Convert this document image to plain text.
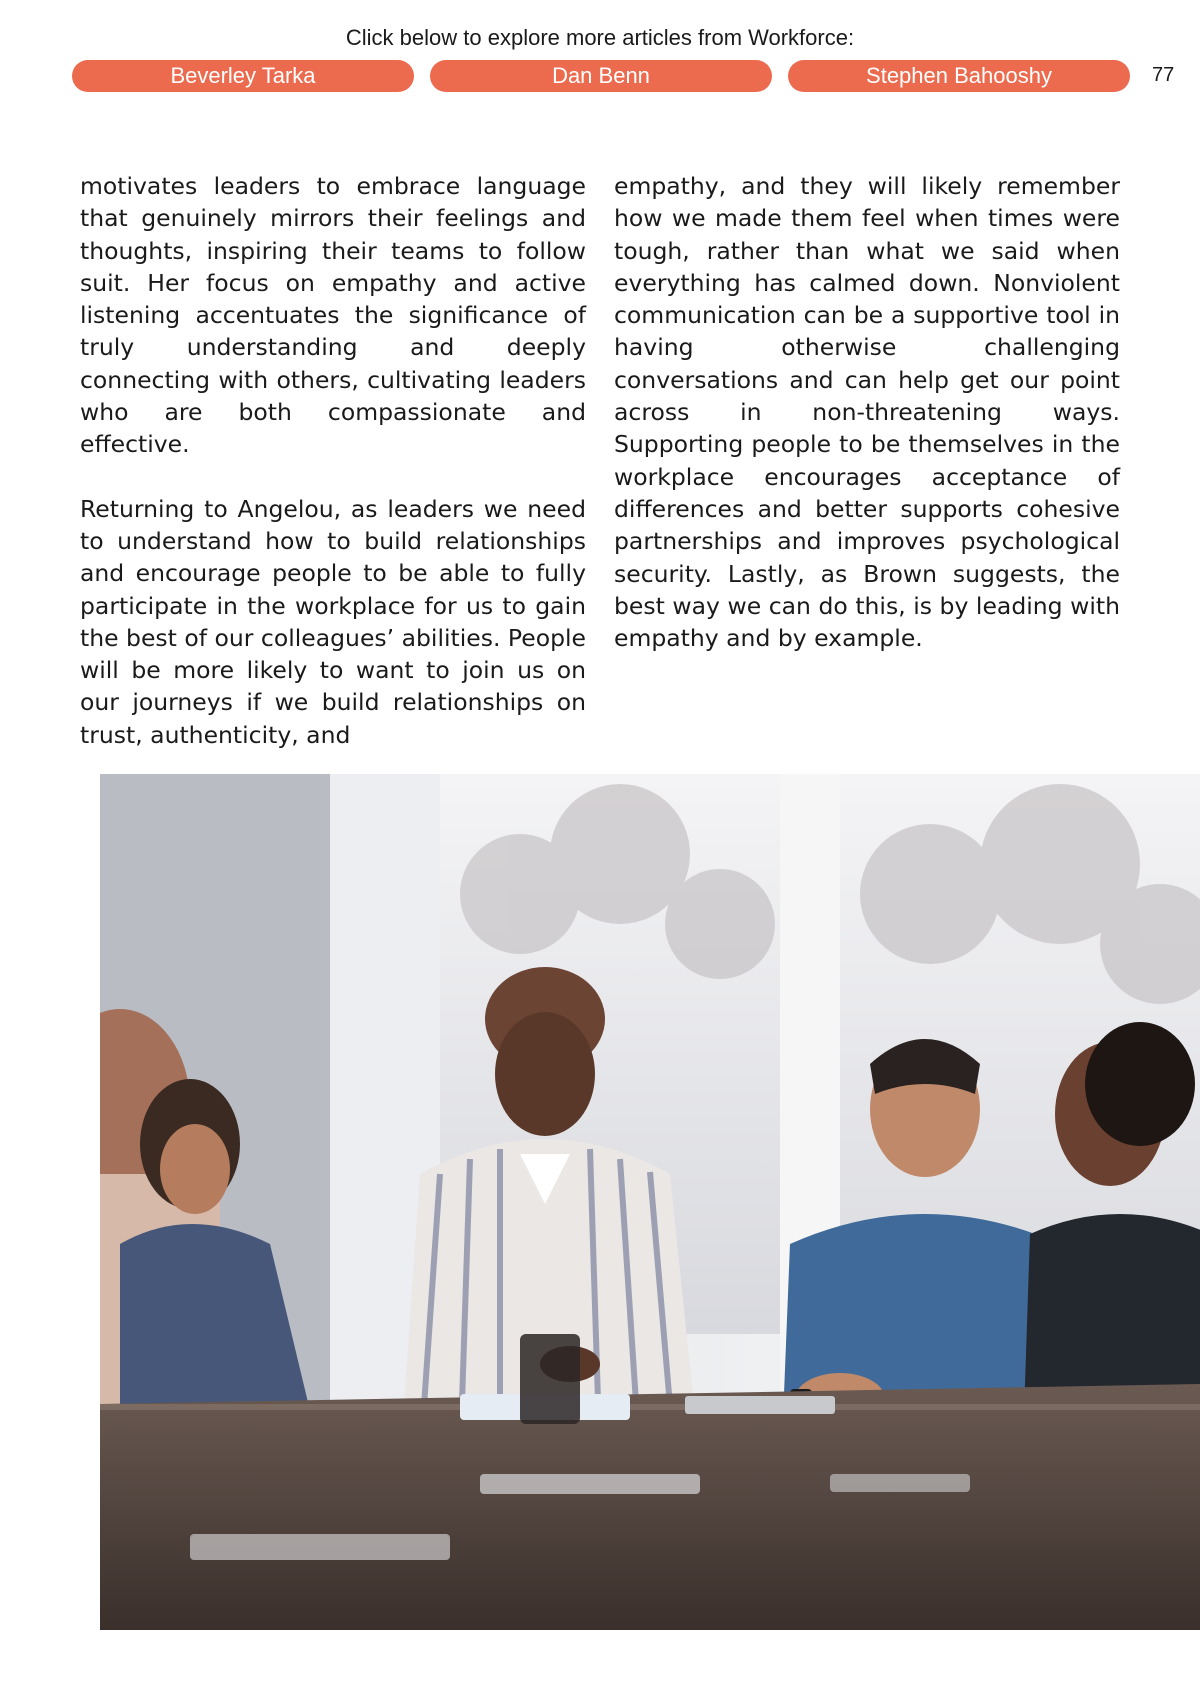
Click below to explore more articles from Workforce:
Beverley Tarka	Dan Benn	Stephen Bahooshy	77

motivates leaders to embrace language that genuinely mirrors their feelings and thoughts, inspiring their teams to follow suit. Her focus on empathy and active listening accentuates the significance of truly understanding and deeply connecting with others, cultivating leaders who are both compassionate and effective.

Returning to Angelou, as leaders we need to understand how to build relationships and encourage people to be able to fully participate in the workplace for us to gain the best of our colleagues’ abilities. People will be more likely to want to join us on our journeys if we build relationships on trust, authenticity, and

empathy, and they will likely remember how we made them feel when times were tough, rather than what we said when everything has calmed down. Nonviolent communication can be a supportive tool in having otherwise challenging conversations and can help get our point across in non-threatening ways. Supporting people to be themselves in the workplace encourages acceptance of differences and better supports cohesive partnerships and improves psychological security. Lastly, as Brown suggests, the best way we can do this, is by leading with empathy and by example.
